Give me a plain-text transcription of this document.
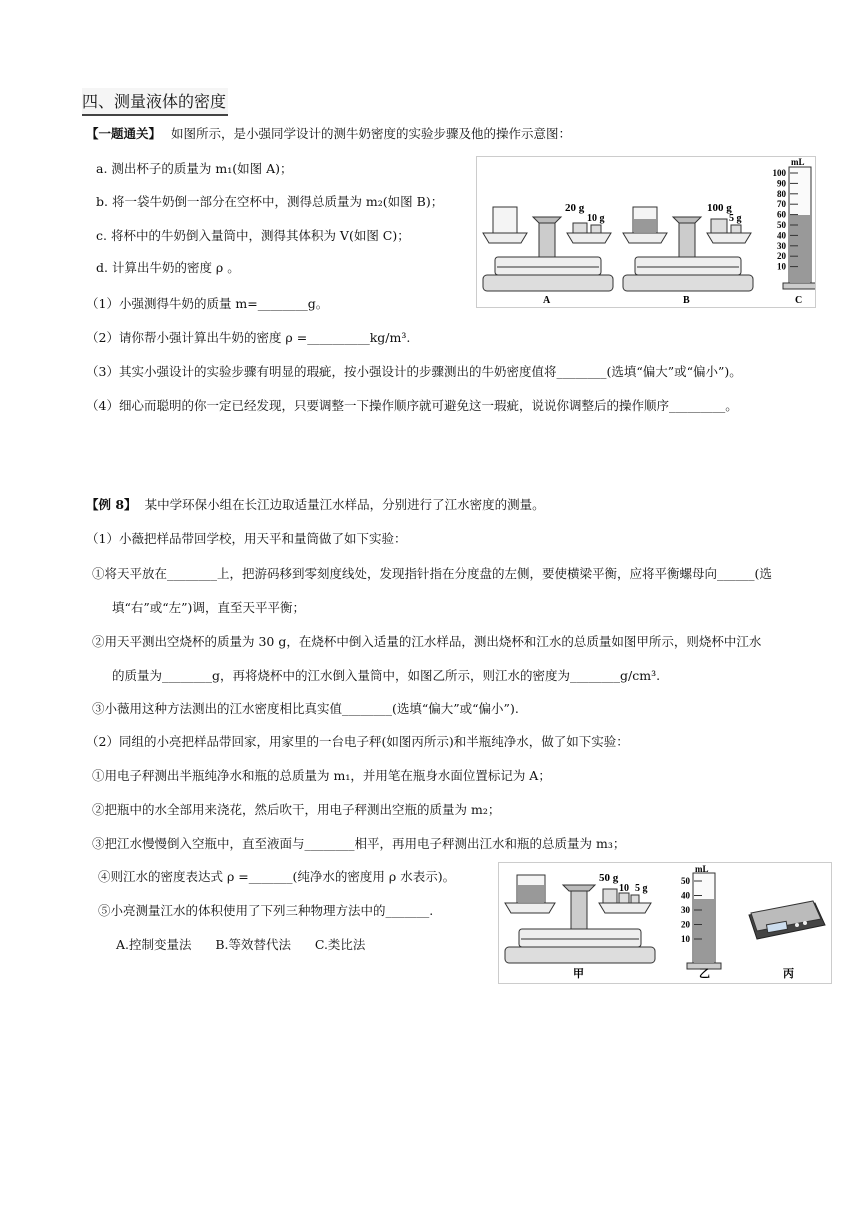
四、测量液体的密度
【一题通关】 如图所示，是小强同学设计的测牛奶密度的实验步骤及他的操作示意图：
a. 测出杯子的质量为 m₁(如图 A)；
b. 将一袋牛奶倒一部分在空杯中，测得总质量为 m₂(如图 B)；
c. 将杯中的牛奶倒入量筒中，测得其体积为 V(如图 C)；
d. 计算出牛奶的密度 ρ 。
（1）小强测得牛奶的质量 m=________g。
（2）请你帮小强计算出牛奶的密度 ρ =__________kg/m³.
（3）其实小强设计的实验步骤有明显的瑕疵，按小强设计的步骤测出的牛奶密度值将________(选填“偏大”或“偏小”)。
（4）细心而聪明的你一定已经发现，只要调整一下操作顺序就可避免这一瑕疵，说说你调整后的操作顺序_________。
20 g
10 g
A
100 g
5 g
B
mL
100
90
80
70
60
50
40
30
20
10
C
【例 8】 某中学环保小组在长江边取适量江水样品，分别进行了江水密度的测量。
（1）小薇把样品带回学校，用天平和量筒做了如下实验：
①将天平放在________上，把游码移到零刻度线处，发现指针指在分度盘的左侧，要使横梁平衡，应将平衡螺母向______(选
填“右”或“左”)调，直至天平平衡；
②用天平测出空烧杯的质量为 30 g，在烧杯中倒入适量的江水样品，测出烧杯和江水的总质量如图甲所示，则烧杯中江水
的质量为________g，再将烧杯中的江水倒入量筒中，如图乙所示，则江水的密度为________g/cm³.
③小薇用这种方法测出的江水密度相比真实值________(选填“偏大”或“偏小”).
（2）同组的小亮把样品带回家，用家里的一台电子秤(如图丙所示)和半瓶纯净水，做了如下实验：
①用电子秤测出半瓶纯净水和瓶的总质量为 m₁，并用笔在瓶身水面位置标记为 A；
②把瓶中的水全部用来浇花，然后吹干，用电子秤测出空瓶的质量为 m₂；
③把江水慢慢倒入空瓶中，直至液面与________相平，再用电子秤测出江水和瓶的总质量为 m₃；
④则江水的密度表达式 ρ =_______(纯净水的密度用 ρ 水表示)。
⑤小亮测量江水的体积使用了下列三种物理方法中的_______.
A.控制变量法      B.等效替代法      C.类比法
50 g
10 5 g
甲
mL
50
40
30
20
10
乙	丙
